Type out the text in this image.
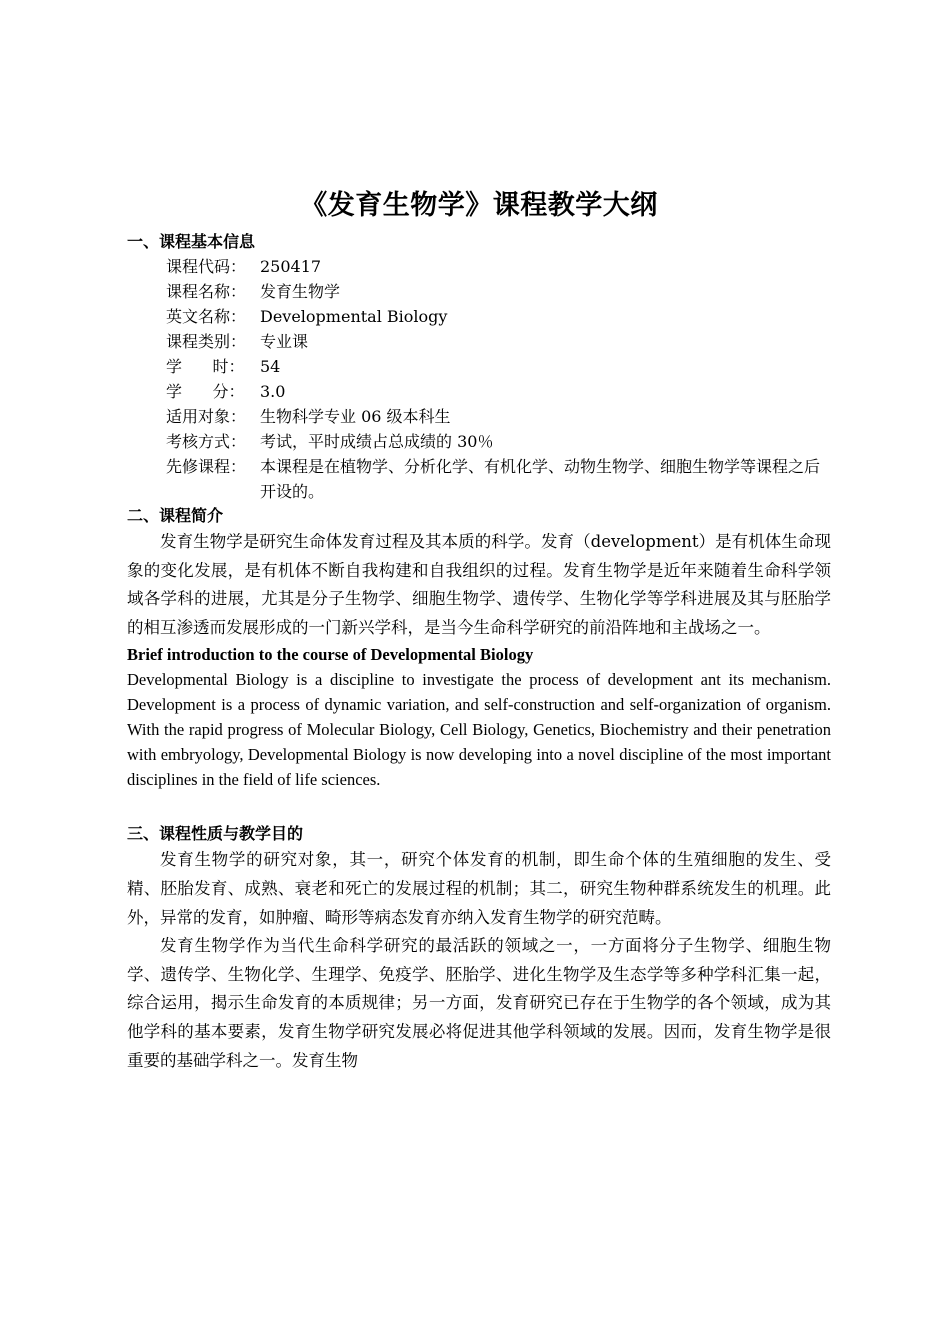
《发育生物学》课程教学大纲
一、课程基本信息
课程代码： 250417
课程名称： 发育生物学
英文名称： Developmental Biology
课程类别： 专业课
学      时： 54
学      分： 3.0
适用对象： 生物科学专业 06 级本科生
考核方式： 考试，平时成绩占总成绩的 30％
先修课程： 本课程是在植物学、分析化学、有机化学、动物生物学、细胞生物学等课程之后开设的。
二、课程简介

发育生物学是研究生命体发育过程及其本质的科学。发育（development）是有机体生命现象的变化发展，是有机体不断自我构建和自我组织的过程。发育生物学是近年来随着生命科学领域各学科的进展，尤其是分子生物学、细胞生物学、遗传学、生物化学等学科进展及其与胚胎学的相互渗透而发展形成的一门新兴学科，是当今生命科学研究的前沿阵地和主战场之一。

Brief introduction to the course of Developmental Biology

Developmental Biology is a discipline to investigate the process of development ant its mechanism. Development is a process of dynamic variation, and self-construction and self-organization of organism. With the rapid progress of Molecular Biology, Cell Biology, Genetics, Biochemistry and their penetration with embryology, Developmental Biology is now developing into a novel discipline of the most important disciplines in the field of life sciences.

三、课程性质与教学目的

发育生物学的研究对象，其一，研究个体发育的机制，即生命个体的生殖细胞的发生、受精、胚胎发育、成熟、衰老和死亡的发展过程的机制；其二，研究生物种群系统发生的机理。此外，异常的发育，如肿瘤、畸形等病态发育亦纳入发育生物学的研究范畴。

发育生物学作为当代生命科学研究的最活跃的领域之一，一方面将分子生物学、细胞生物学、遗传学、生物化学、生理学、免疫学、胚胎学、进化生物学及生态学等多种学科汇集一起，综合运用，揭示生命发育的本质规律；另一方面，发育研究已存在于生物学的各个领域，成为其他学科的基本要素，发育生物学研究发展必将促进其他学科领域的发展。因而，发育生物学是很重要的基础学科之一。发育生物
